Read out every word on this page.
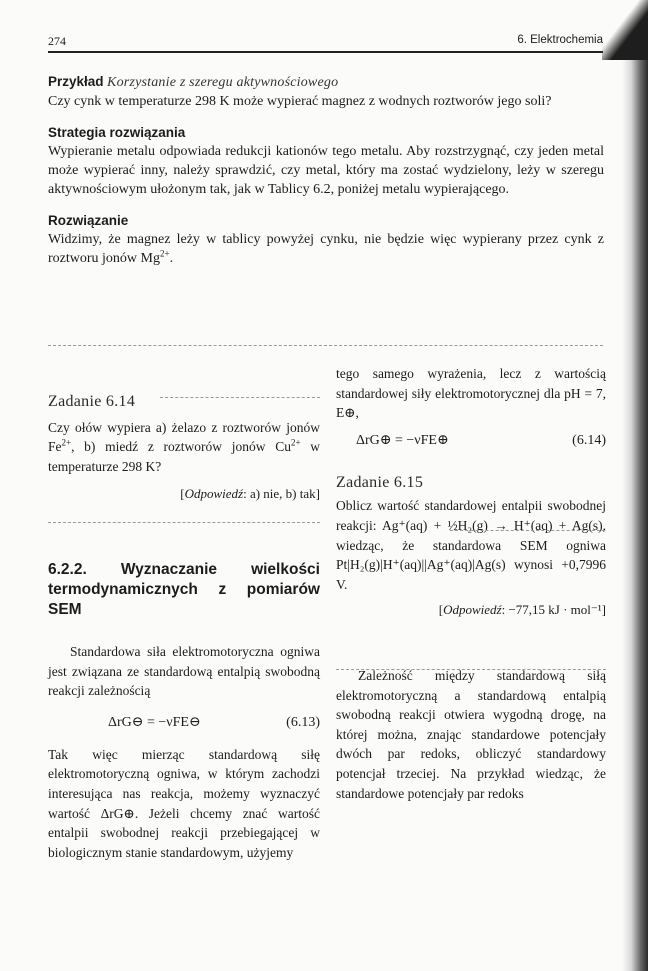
274	6. Elektrochemia

Przykład Korzystanie z szeregu aktywnościowego

Czy cynk w temperaturze 298 K może wypierać magnez z wodnych roztworów jego soli?

Strategia rozwiązania

Wypieranie metalu odpowiada redukcji kationów tego metalu. Aby rozstrzygnąć, czy jeden metal może wypierać inny, należy sprawdzić, czy metal, który ma zostać wydzielony, leży w szeregu aktywnościowym ułożonym tak, jak w Tablicy 6.2, poniżej metalu wypierającego.

Rozwiązanie

Widzimy, że magnez leży w tablicy powyżej cynku, nie będzie więc wypierany przez cynk z roztworu jonów $Mg^{2+}$.

Zadanie 6.14

Czy ołów wypiera a) żelazo z roztworów jonów $Fe^{2+}$, b) miedź z roztworów jonów $Cu^{2+}$ w temperaturze 298 K?

[Odpowiedź: a) nie, b) tak]

6.2.2. Wyznaczanie wielkości termodynamicznych z pomiarów SEM

Standardowa siła elektromotoryczna ogniwa jest związana ze standardową entalpią swobodną reakcji zależnością

ΔrG⊖ = −νFE⊖	(6.13)

Tak więc mierząc standardową siłę elektromotoryczną ogniwa, w którym zachodzi interesująca nas reakcja, możemy wyznaczyć wartość ΔrG⊕. Jeżeli chcemy znać wartość entalpii swobodnej reakcji przebiegającej w biologicznym stanie standardowym, użyjemy

tego samego wyrażenia, lecz z wartością standardowej siły elektromotorycznej dla pH = 7, E⊕,

ΔrG⊕ = −νFE⊕	(6.14)

Zadanie 6.15

Oblicz wartość standardowej entalpii swobodnej reakcji: Ag⁺(aq) + ½H₂(g) → H⁺(aq) + Ag(s), wiedząc, że standardowa SEM ogniwa Pt|H₂(g)|H⁺(aq)||Ag⁺(aq)|Ag(s) wynosi +0,7996 V.

[Odpowiedź: −77,15 kJ · mol⁻¹]

Zależność między standardową siłą elektromotoryczną a standardową entalpią swobodną reakcji otwiera wygodną drogę, na której można, znając standardowe potencjały dwóch par redoks, obliczyć standardowy potencjał trzeciej. Na przykład wiedząc, że standardowe potencjały par redoks
